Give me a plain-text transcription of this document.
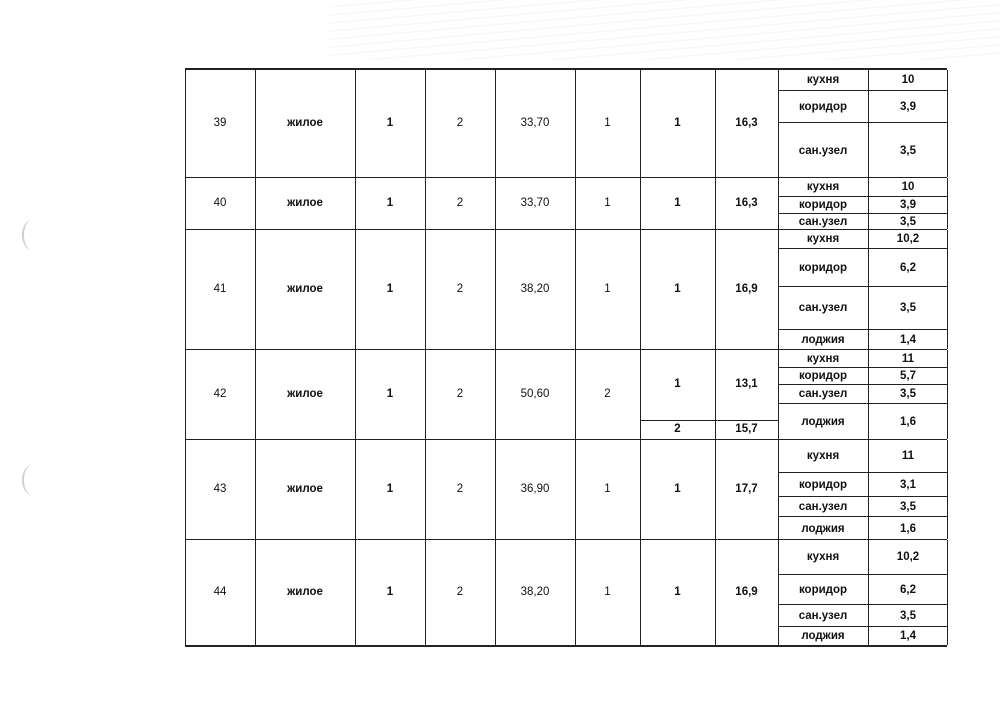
39	жилое	1	2	33,70	1	1	16,3
кухня	10
коридор	3,9
сан.узел	3,5
40	жилое	1	2	33,70	1	1	16,3
кухня	10
коридор	3,9
сан.узел	3,5
41	жилое	1	2	38,20	1	1	16,9
кухня	10,2
коридор	6,2
сан.узел	3,5
лоджия	1,4
42	жилое	1	2	50,60	2
1	13,1
2	15,7
кухня	11
коридор	5,7
сан.узел	3,5
лоджия	1,6
43	жилое	1	2	36,90	1	1	17,7
кухня	11
коридор	3,1
сан.узел	3,5
лоджия	1,6
44	жилое	1	2	38,20	1	1	16,9
кухня	10,2
коридор	6,2
сан.узел	3,5
лоджия	1,4
